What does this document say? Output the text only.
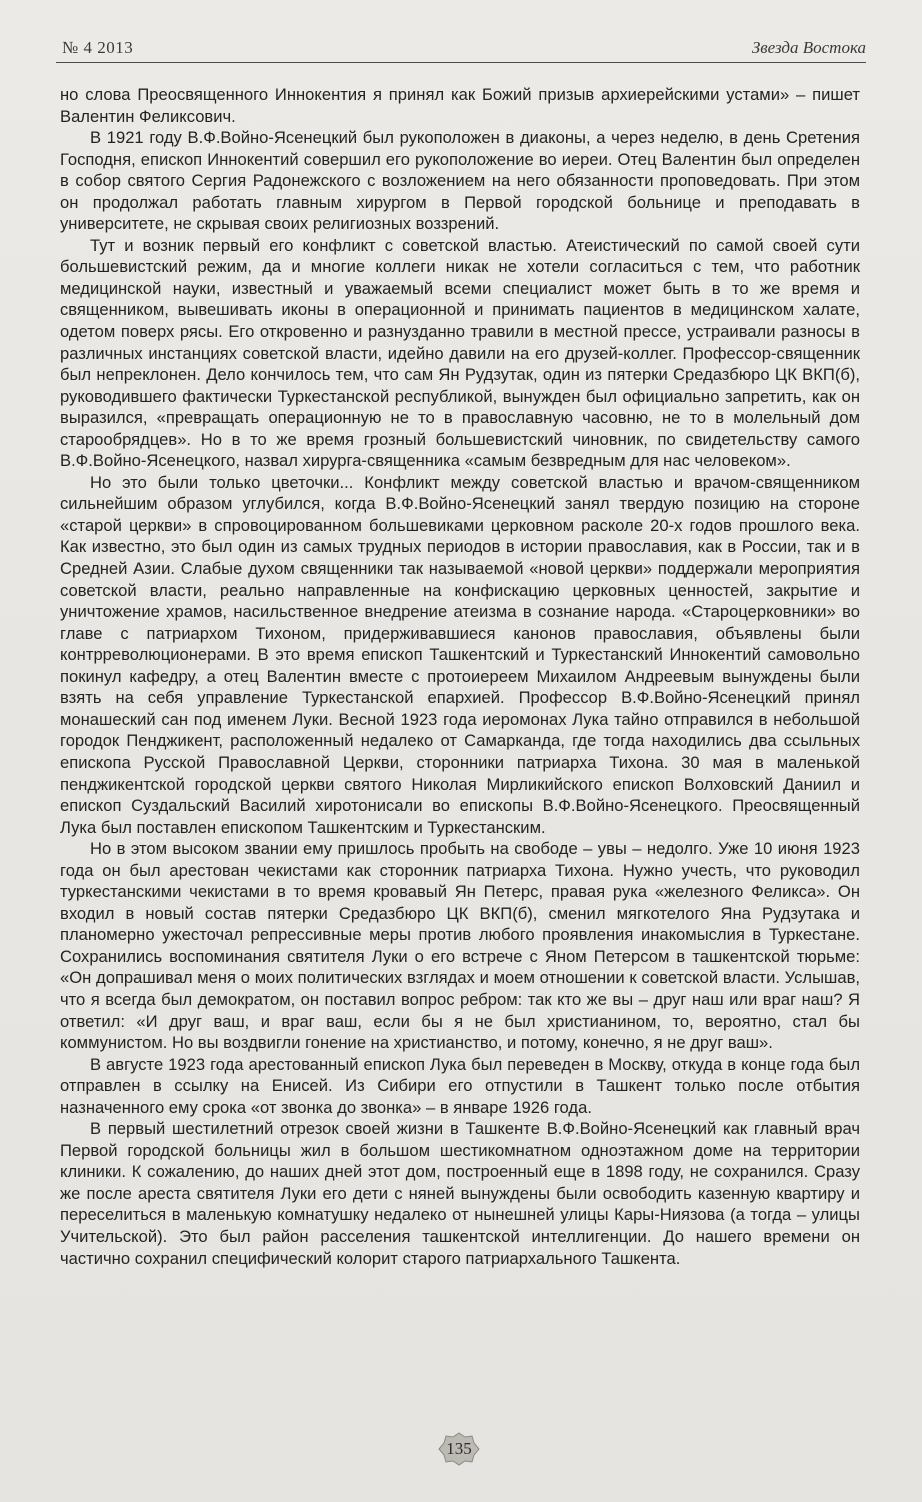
№ 4 2013	Звезда Востока

но слова Преосвященного Иннокентия я принял как Божий призыв архиерейскими устами» – пишет Валентин Феликсович.

В 1921 году В.Ф.Войно-Ясенецкий был рукоположен в диаконы, а через неделю, в день Сретения Господня, епископ Иннокентий совершил его рукоположение во иереи. Отец Валентин был определен в собор святого Сергия Радонежского с возложением на него обязанности проповедовать. При этом он продолжал работать главным хирургом в Первой городской больнице и преподавать в университете, не скрывая своих религиозных воззрений.

Тут и возник первый его конфликт с советской властью. Атеистический по самой своей сути большевистский режим, да и многие коллеги никак не хотели согласиться с тем, что работник медицинской науки, известный и уважаемый всеми специалист может быть в то же время и священником, вывешивать иконы в операционной и принимать пациентов в медицинском халате, одетом поверх рясы. Его откровенно и разнузданно травили в местной прессе, устраивали разносы в различных инстанциях советской власти, идейно давили на его друзей-коллег. Профессор-священник был непреклонен. Дело кончилось тем, что сам Ян Рудзутак, один из пятерки Средазбюро ЦК ВКП(б), руководившего фактически Туркестанской республикой, вынужден был официально запретить, как он выразился, «превращать операционную не то в православную часовню, не то в молельный дом старообрядцев». Но в то же время грозный большевистский чиновник, по свидетельству самого В.Ф.Войно-Ясенецкого, назвал хирурга-священника «самым безвредным для нас человеком».

Но это были только цветочки... Конфликт между советской властью и врачом-священником сильнейшим образом углубился, когда В.Ф.Войно-Ясенецкий занял твердую позицию на стороне «старой церкви» в спровоцированном большевиками церковном расколе 20-х годов прошлого века. Как известно, это был один из самых трудных периодов в истории православия, как в России, так и в Средней Азии. Слабые духом священники так называемой «новой церкви» поддержали мероприятия советской власти, реально направленные на конфискацию церковных ценностей, закрытие и уничтожение храмов, насильственное внедрение атеизма в сознание народа. «Староцерковники» во главе с патриархом Тихоном, придерживавшиеся канонов православия, объявлены были контрреволюционерами. В это время епископ Ташкентский и Туркестанский Иннокентий самовольно покинул кафедру, а отец Валентин вместе с протоиереем Михаилом Андреевым вынуждены были взять на себя управление Туркестанской епархией. Профессор В.Ф.Войно-Ясенецкий принял монашеский сан под именем Луки. Весной 1923 года иеромонах Лука тайно отправился в небольшой городок Пенджикент, расположенный недалеко от Самарканда, где тогда находились два ссыльных епископа Русской Православной Церкви, сторонники патриарха Тихона. 30 мая в маленькой пенджикентской городской церкви святого Николая Мирликийского епископ Волховский Даниил и епископ Суздальский Василий хиротонисали во епископы В.Ф.Войно-Ясенецкого. Преосвященный Лука был поставлен епископом Ташкентским и Туркестанским.

Но в этом высоком звании ему пришлось пробыть на свободе – увы – недолго. Уже 10 июня 1923 года он был арестован чекистами как сторонник патриарха Тихона. Нужно учесть, что руководил туркестанскими чекистами в то время кровавый Ян Петерс, правая рука «железного Феликса». Он входил в новый состав пятерки Средазбюро ЦК ВКП(б), сменил мягкотелого Яна Рудзутака и планомерно ужесточал репрессивные меры против любого проявления инакомыслия в Туркестане. Сохранились воспоминания святителя Луки о его встрече с Яном Петерсом в ташкентской тюрьме: «Он допрашивал меня о моих политических взглядах и моем отношении к советской власти. Услышав, что я всегда был демократом, он поставил вопрос ребром: так кто же вы – друг наш или враг наш? Я ответил: «И друг ваш, и враг ваш, если бы я не был христианином, то, вероятно, стал бы коммунистом. Но вы воздвигли гонение на христианство, и потому, конечно, я не друг ваш».

В августе 1923 года арестованный епископ Лука был переведен в Москву, откуда в конце года был отправлен в ссылку на Енисей. Из Сибири его отпустили в Ташкент только после отбытия назначенного ему срока «от звонка до звонка» – в январе 1926 года.

В первый шестилетний отрезок своей жизни в Ташкенте В.Ф.Войно-Ясенецкий как главный врач Первой городской больницы жил в большом шестикомнатном одноэтажном доме на территории клиники. К сожалению, до наших дней этот дом, построенный еще в 1898 году, не сохранился. Сразу же после ареста святителя Луки его дети с няней вынуждены были освободить казенную квартиру и переселиться в маленькую комнатушку недалеко от нынешней улицы Кары-Ниязова (а тогда – улицы Учительской). Это был район расселения ташкентской интеллигенции. До нашего времени он частично сохранил специфический колорит старого патриархального Ташкента.

135
